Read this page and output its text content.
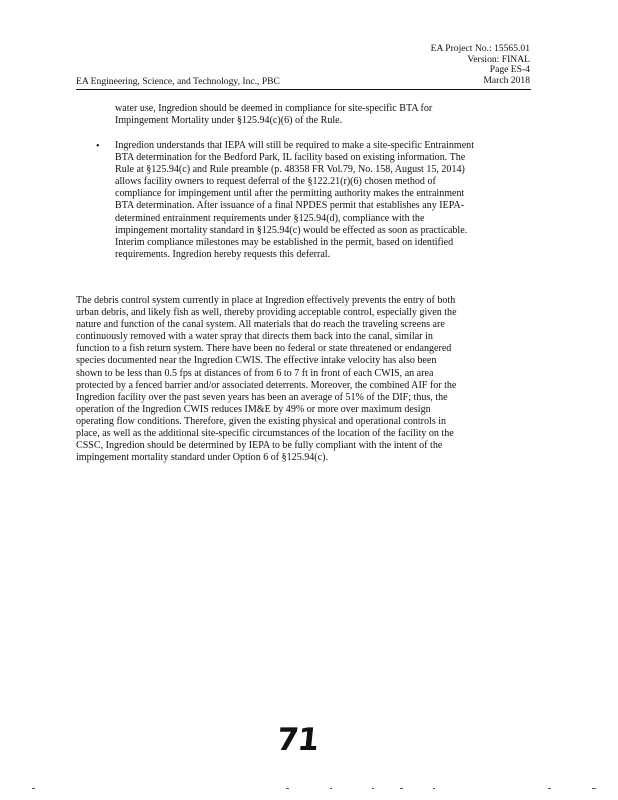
EA Project No.: 15565.01
Version: FINAL
Page ES-4
EA Engineering, Science, and Technology, Inc., PBC	March 2018
water use, Ingredion should be deemed in compliance for site-specific BTA for
Impingement Mortality under §125.94(c)(6) of the Rule.
• Ingredion understands that IEPA will still be required to make a site-specific Entrainment
BTA determination for the Bedford Park, IL facility based on existing information. The
Rule at §125.94(c) and Rule preamble (p. 48358 FR Vol.79, No. 158, August 15, 2014)
allows facility owners to request deferral of the §122.21(r)(6) chosen method of
compliance for impingement until after the permitting authority makes the entrainment
BTA determination. After issuance of a final NPDES permit that establishes any IEPA-
determined entrainment requirements under §125.94(d), compliance with the
impingement mortality standard in §125.94(c) would be effected as soon as practicable.
Interim compliance milestones may be established in the permit, based on identified
requirements. Ingredion hereby requests this deferral.
The debris control system currently in place at Ingredion effectively prevents the entry of both
urban debris, and likely fish as well, thereby providing acceptable control, especially given the
nature and function of the canal system. All materials that do reach the traveling screens are
continuously removed with a water spray that directs them back into the canal, similar in
function to a fish return system. There have been no federal or state threatened or endangered
species documented near the Ingredion CWIS. The effective intake velocity has also been
shown to be less than 0.5 fps at distances of from 6 to 7 ft in front of each CWIS, an area
protected by a fenced barrier and/or associated deterrents. Moreover, the combined AIF for the
Ingredion facility over the past seven years has been an average of 51% of the DIF; thus, the
operation of the Ingredion CWIS reduces IM&E by 49% or more over maximum design
operating flow conditions. Therefore, given the existing physical and operational controls in
place, as well as the additional site-specific circumstances of the location of the facility on the
CSSC, Ingredion should be determined by IEPA to be fully compliant with the intent of the
impingement mortality standard under Option 6 of §125.94(c).
71
